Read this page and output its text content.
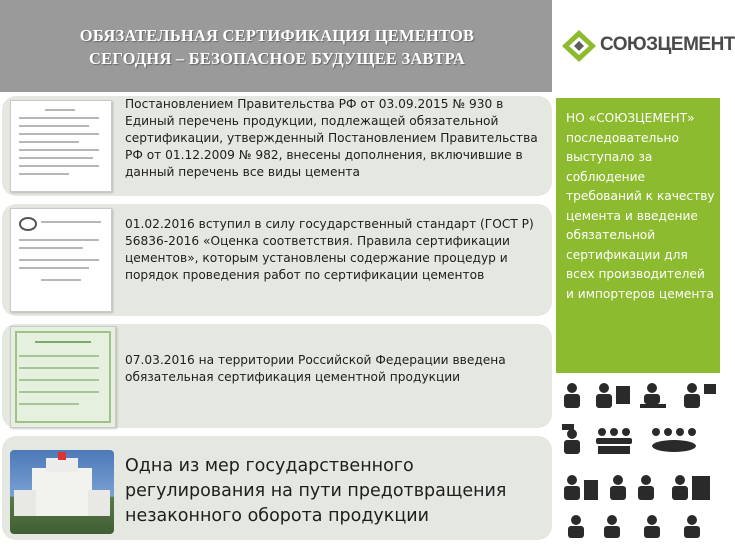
ОБЯЗАТЕЛЬНАЯ СЕРТИФИКАЦИЯ ЦЕМЕНТОВ
СЕГОДНЯ – БЕЗОПАСНОЕ БУДУЩЕЕ ЗАВТРА
СОЮЗЦЕМЕНТ
Постановлением Правительства РФ от 03.09.2015 № 930 в Единый перечень продукции, подлежащей обязательной сертификации, утвержденный Постановлением Правительства РФ от 01.12.2009 № 982, внесены дополнения, включившие в данный перечень все виды цемента
01.02.2016 вступил в силу государственный стандарт (ГОСТ Р) 56836-2016 «Оценка соответствия. Правила сертификации цементов», которым установлены содержание процедур и порядок проведения работ по сертификации цементов
07.03.2016 на территории Российской Федерации введена обязательная сертификация цементной продукции
Одна из мер государственного регулирования на пути предотвращения незаконного оборота продукции
НО «СОЮЗЦЕМЕНТ» последовательно выступало за соблюдение требований к качеству цемента и введение обязательной сертификации для всех производителей и импортеров цемента
